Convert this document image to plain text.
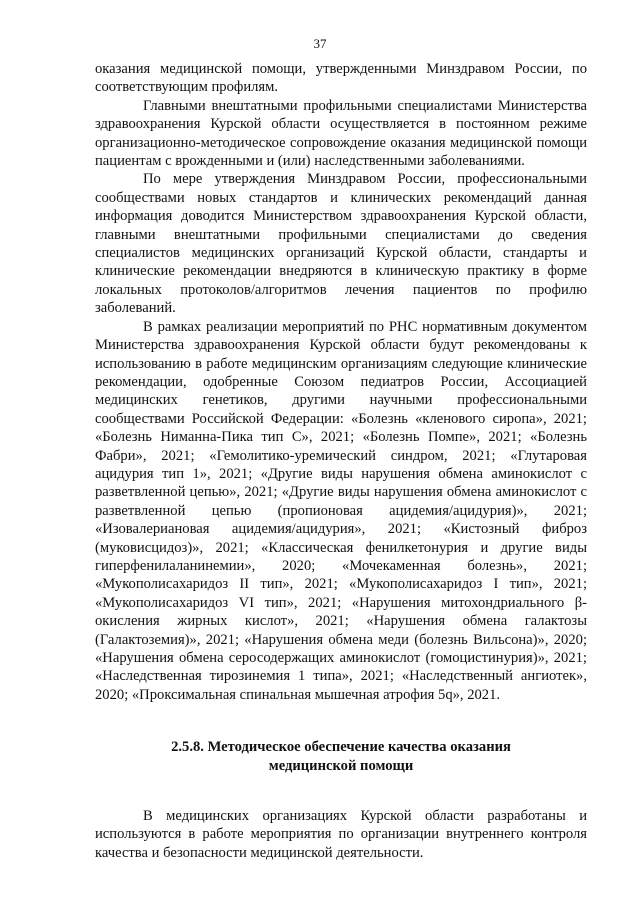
37

оказания медицинской помощи, утвержденными Минздравом России, по соответствующим профилям.

Главными внештатными профильными специалистами Министерства здравоохранения Курской области осуществляется в постоянном режиме организационно-методическое сопровождение оказания медицинской помощи пациентам с врожденными и (или) наследственными заболеваниями.

По мере утверждения Минздравом России, профессиональными сообществами новых стандартов и клинических рекомендаций данная информация доводится Министерством здравоохранения Курской области, главными внештатными профильными специалистами до сведения специалистов медицинских организаций Курской области, стандарты и клинические рекомендации внедряются в клиническую практику в форме локальных протоколов/алгоритмов лечения пациентов по профилю заболеваний.

В рамках реализации мероприятий по РНС нормативным документом Министерства здравоохранения Курской области будут рекомендованы к использованию в работе медицинским организациям следующие клинические рекомендации, одобренные Союзом педиатров России, Ассоциацией медицинских генетиков, другими научными профессиональными сообществами Российской Федерации: «Болезнь «кленового сиропа», 2021; «Болезнь Ниманна-Пика тип С», 2021; «Болезнь Помпе», 2021; «Болезнь Фабри», 2021; «Гемолитико-уремический синдром, 2021; «Глутаровая ацидурия тип 1», 2021; «Другие виды нарушения обмена аминокислот с разветвленной цепью», 2021; «Другие виды нарушения обмена аминокислот с разветвленной цепью (пропионовая ацидемия/ацидурия)», 2021; «Изовалериановая ацидемия/ацидурия», 2021; «Кистозный фиброз (муковисцидоз)», 2021; «Классическая фенилкетонурия и другие виды гиперфенилаланинемии», 2020; «Мочекаменная болезнь», 2021; «Мукополисахаридоз II тип», 2021; «Мукополисахаридоз I тип», 2021; «Мукополисахаридоз VI тип», 2021; «Нарушения митохондриального β-окисления жирных кислот», 2021; «Нарушения обмена галактозы (Галактоземия)», 2021; «Нарушения обмена меди (болезнь Вильсона)», 2020; «Нарушения обмена серосодержащих аминокислот (гомоцистинурия)», 2021; «Наследственная тирозинемия 1 типа», 2021; «Наследственный ангиотек», 2020; «Проксимальная спинальная мышечная атрофия 5q», 2021.

2.5.8. Методическое обеспечение качества оказания медицинской помощи

В медицинских организациях Курской области разработаны и используются в работе мероприятия по организации внутреннего контроля качества и безопасности медицинской деятельности.
